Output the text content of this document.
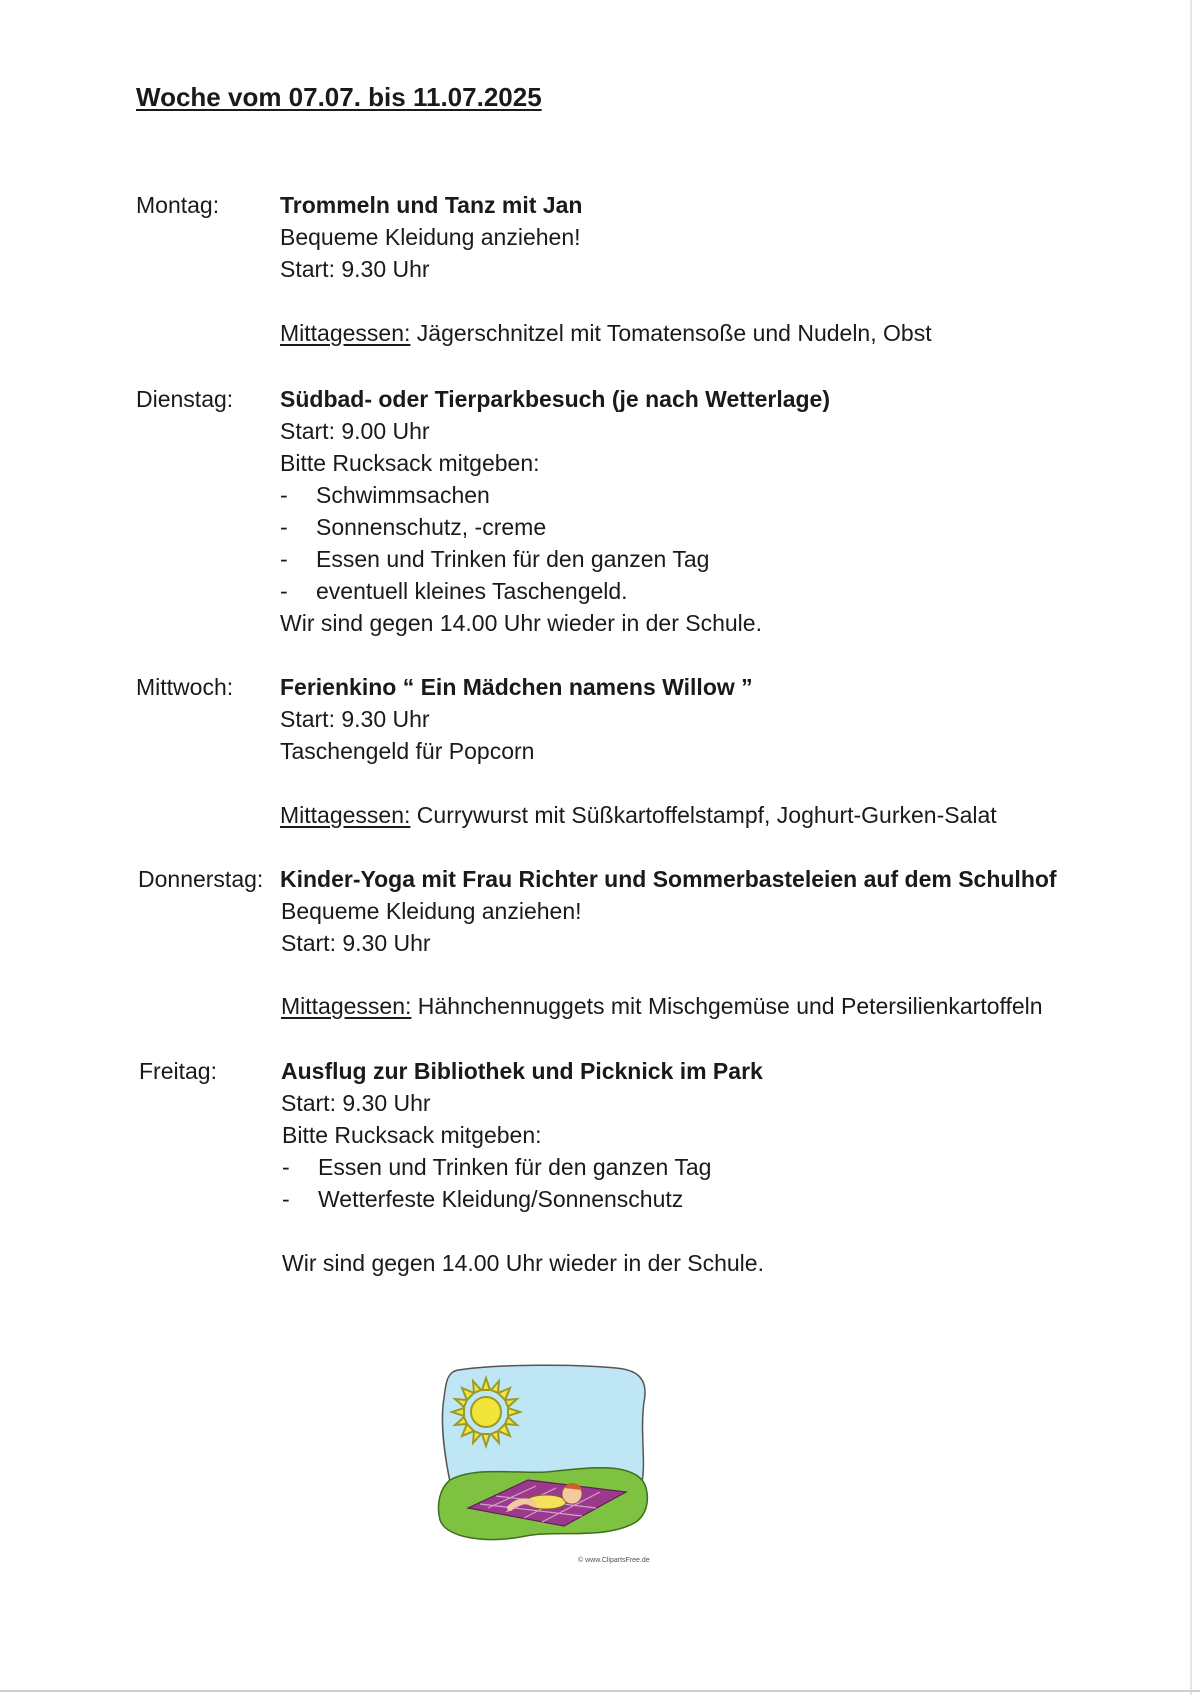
Woche vom 07.07. bis 11.07.2025
Montag:	Trommeln und Tanz mit Jan
Bequeme Kleidung anziehen!
Start: 9.30 Uhr
Mittagessen: Jägerschnitzel mit Tomatensoße und Nudeln, Obst
Dienstag: Südbad- oder Tierparkbesuch (je nach Wetterlage)
Start: 9.00 Uhr
Bitte Rucksack mitgeben:
- Schwimmsachen
- Sonnenschutz, -creme
- Essen und Trinken für den ganzen Tag
- eventuell kleines Taschengeld.
Wir sind gegen 14.00 Uhr wieder in der Schule.
Mittwoch: Ferienkino “ Ein Mädchen namens Willow ”
Start: 9.30 Uhr
Taschengeld für Popcorn
Mittagessen: Currywurst mit Süßkartoffelstampf, Joghurt-Gurken-Salat
Donnerstag: Kinder-Yoga mit Frau Richter und Sommerbasteleien auf dem Schulhof
Bequeme Kleidung anziehen!
Start: 9.30 Uhr
Mittagessen: Hähnchennuggets mit Mischgemüse und Petersilienkartoffeln
Freitag:	Ausflug zur Bibliothek und Picknick im Park
Start: 9.30 Uhr
Bitte Rucksack mitgeben:
- Essen und Trinken für den ganzen Tag
- Wetterfeste Kleidung/Sonnenschutz
Wir sind gegen 14.00 Uhr wieder in der Schule.
© www.ClipartsFree.de
